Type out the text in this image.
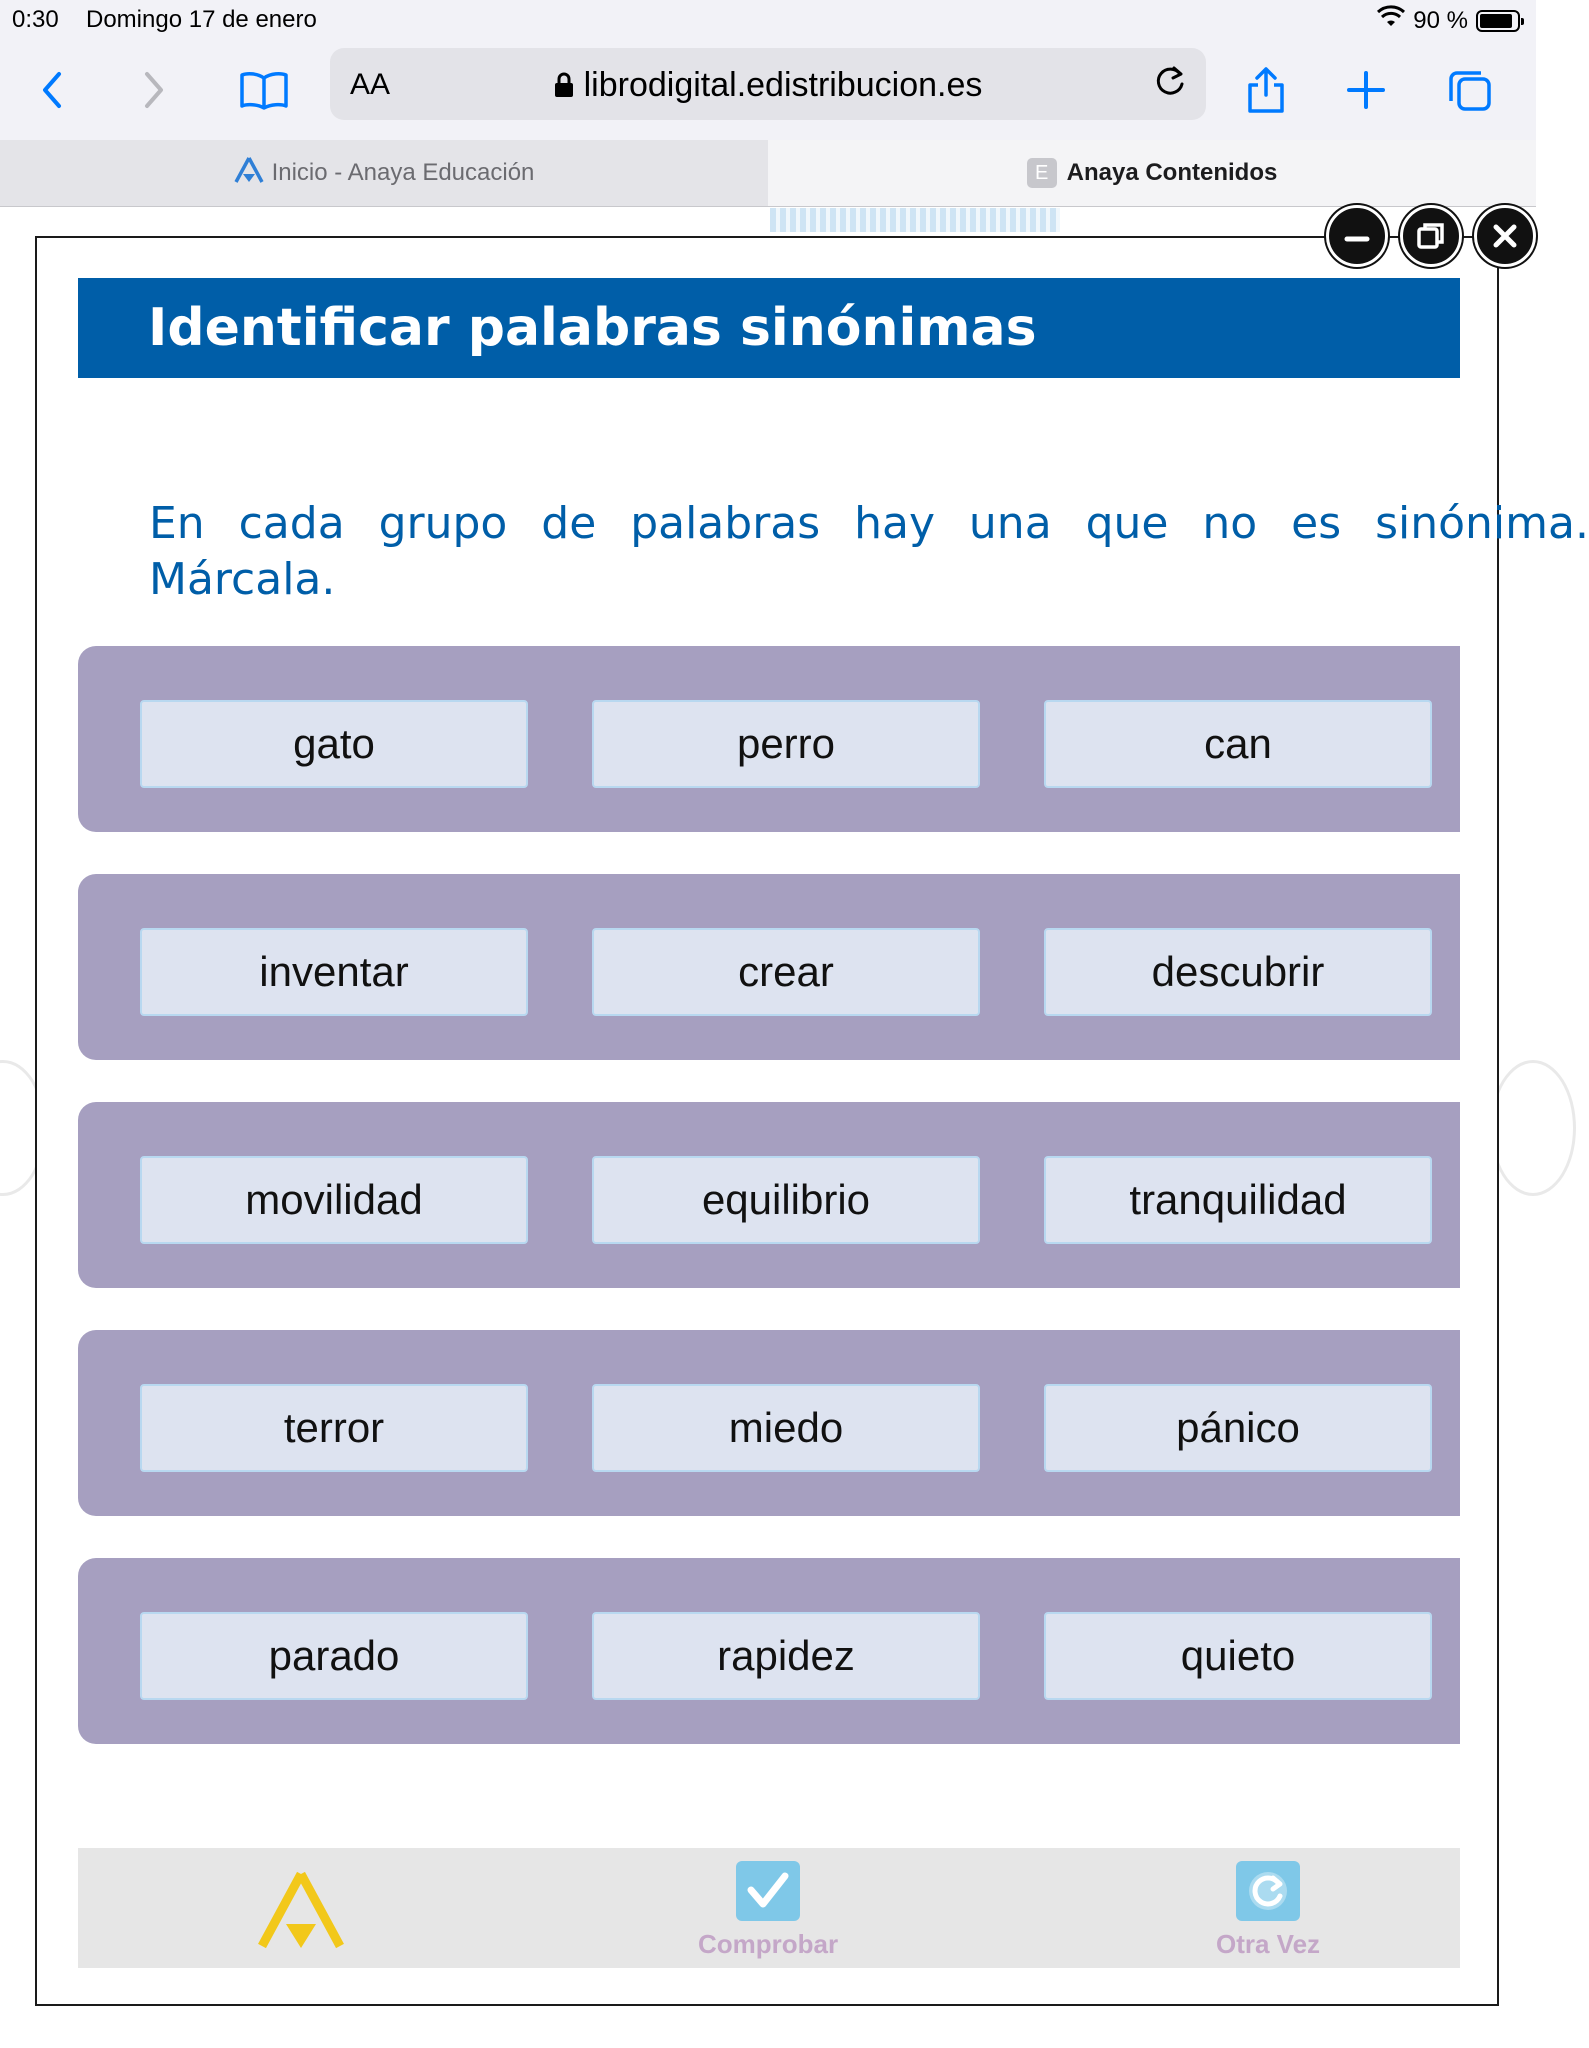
0:30 Domingo 17 de enero	90 %
AA	librodigital.edistribucion.es
Inicio - Anaya Educación	E Anaya Contenidos
Identificar palabras sinónimas
En cada grupo de palabras hay una que no es sinónima.
Márcala.
gato	perro	can
inventar	crear	descubrir
movilidad	equilibrio	tranquilidad
terror	miedo	pánico
parado	rapidez	quieto
Comprobar	Otra Vez
